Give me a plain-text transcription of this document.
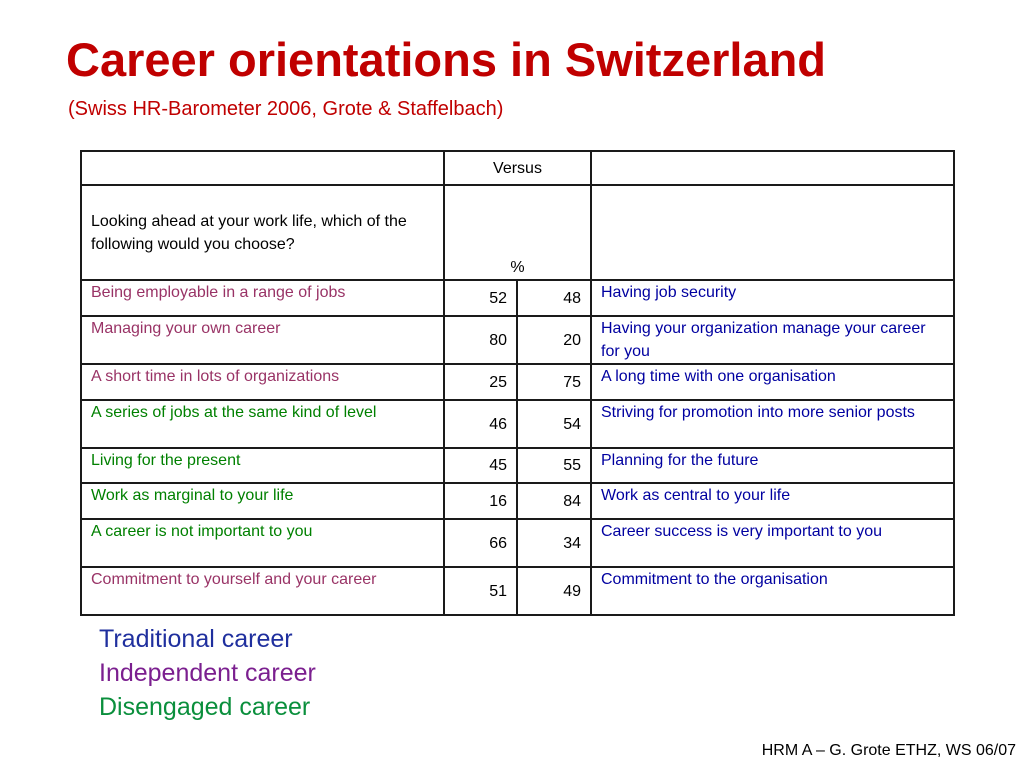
Career orientations in Switzerland
(Swiss HR-Barometer 2006, Grote & Staffelbach)
	Versus		
Looking ahead at your work life, which of the following would you choose?	%		
Being employable in a range of jobs	52	48	Having job security
Managing your own career	80	20	Having your organization manage your career for you
A short time in lots of organizations	25	75	A long time with one organisation
A series of jobs at the same kind of level	46	54	Striving for promotion into more senior posts
Living for the present	45	55	Planning for the future
Work as marginal to your life	16	84	Work as central to your life
A career is not important to you	66	34	Career success is very important to you
Commitment to yourself and your career	51	49	Commitment to the organisation
Traditional career
Independent career
Disengaged career
HRM A – G. Grote ETHZ, WS 06/07
